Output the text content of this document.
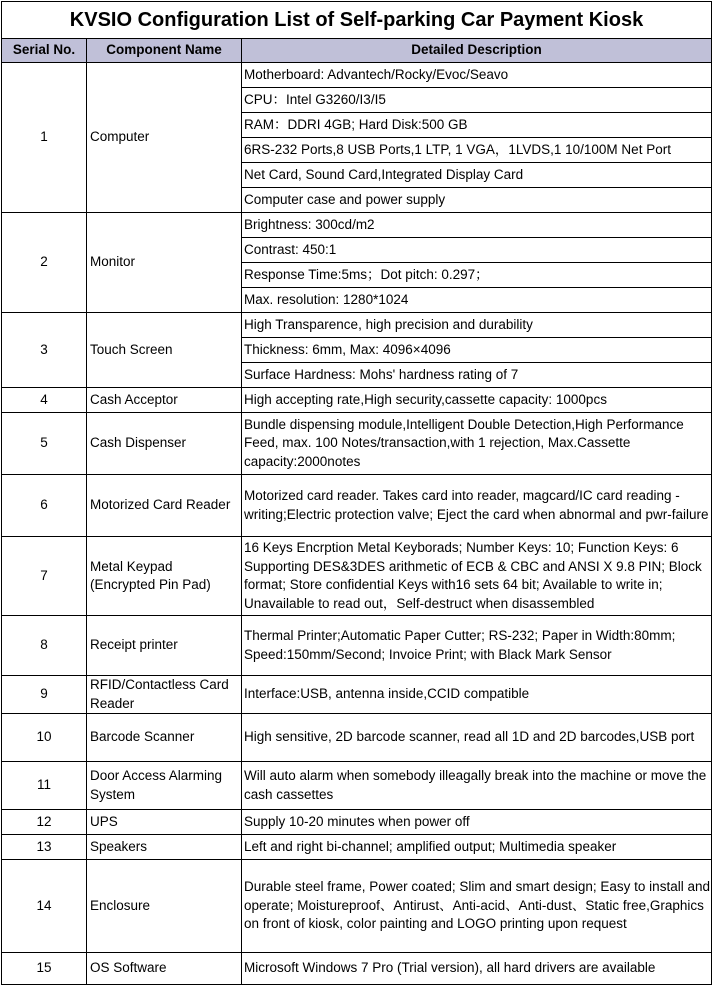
KVSIO Configuration List of Self-parking Car Payment Kiosk		
Serial No.	Component Name	Detailed Description
1	Computer	Motherboard: Advantech/Rocky/Evoc/Seavo
		CPU：Intel G3260/I3/I5
		RAM：DDRI 4GB; Hard Disk:500 GB
		6RS-232 Ports,8 USB Ports,1 LTP, 1 VGA，1LVDS,1 10/100M Net Port
		Net Card, Sound Card,Integrated Display Card
		Computer case and power supply
2	Monitor	Brightness: 300cd/m2
		Contrast: 450:1
		Response Time:5ms；Dot pitch: 0.297；
		Max. resolution: 1280*1024
3	Touch Screen	High Transparence, high precision and durability
		Thickness: 6mm, Max: 4096×4096
		Surface Hardness: Mohs' hardness rating of 7
4	Cash Acceptor	High accepting rate,High security,cassette capacity: 1000pcs
5	Cash Dispenser	Bundle dispensing module,Intelligent Double Detection,High Performance Feed, max. 100 Notes/transaction,with 1 rejection, Max.Cassette capacity:2000notes
6	Motorized Card Reader	Motorized card reader. Takes card into reader, magcard/IC card reading - writing;Electric protection valve; Eject the card when abnormal and pwr-failure
7	Metal Keypad (Encrypted Pin Pad)	16 Keys Encrption Metal Keyborads; Number Keys: 10; Function Keys: 6 Supporting DES&3DES arithmetic of ECB & CBC and ANSI X 9.8 PIN; Block format; Store confidential Keys with16 sets 64 bit; Available to write in; Unavailable to read out，Self-destruct when disassembled
8	Receipt printer	Thermal Printer;Automatic Paper Cutter; RS-232; Paper in Width:80mm; Speed:150mm/Second; Invoice Print; with Black Mark Sensor
9	RFID/Contactless Card Reader	Interface:USB, antenna inside,CCID compatible
10	Barcode Scanner	High sensitive, 2D barcode scanner, read all 1D and 2D barcodes,USB port
11	Door Access Alarming System	Will auto alarm when somebody illeagally break into the machine or move the cash cassettes
12	UPS	Supply 10-20 minutes when power off
13	Speakers	Left and right bi-channel; amplified output; Multimedia speaker
14	Enclosure	Durable steel frame, Power coated; Slim and smart design; Easy to install and operate; Moistureproof、Antirust、Anti-acid、Anti-dust、Static free,Graphics on front of kiosk, color painting and LOGO printing upon request
15	OS Software	Microsoft Windows 7 Pro (Trial version), all hard drivers are available
